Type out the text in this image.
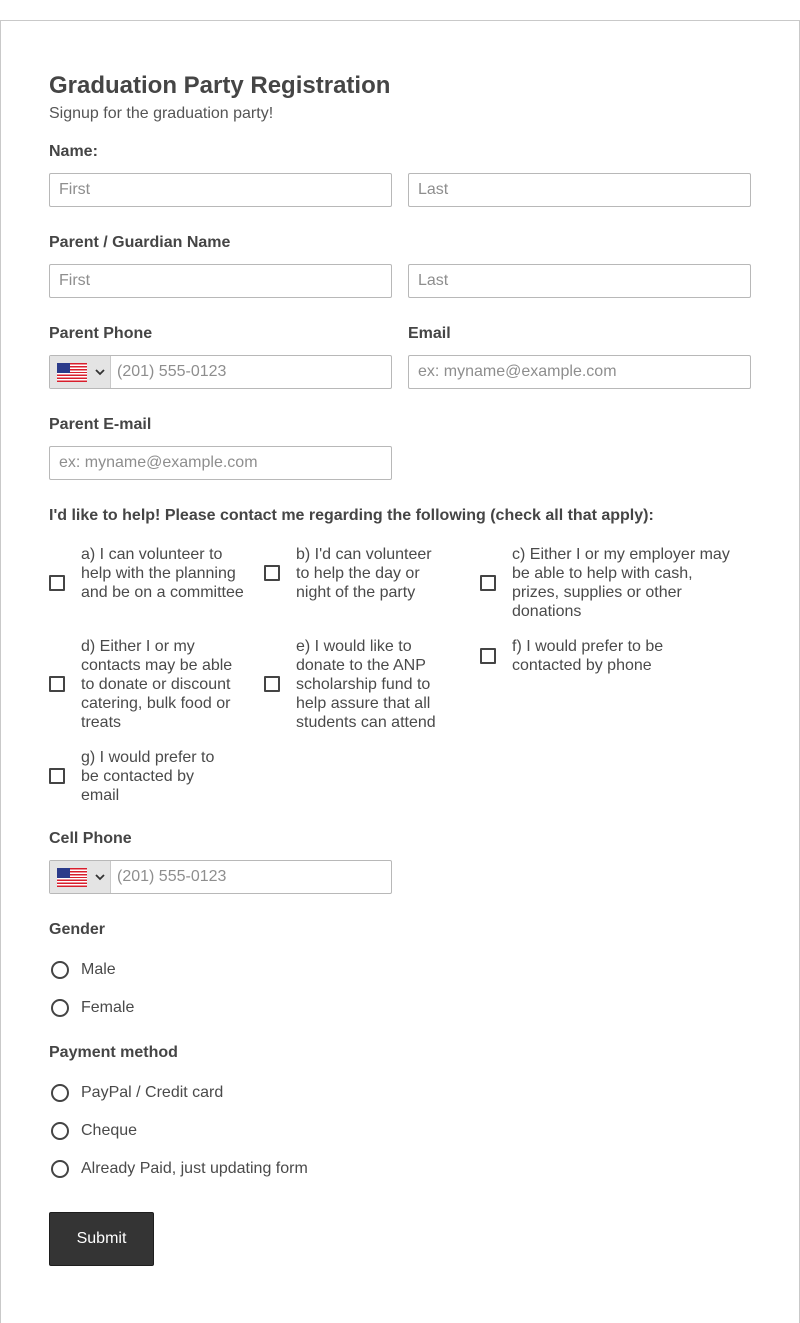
Graduation Party Registration
Signup for the graduation party!
Name:
First
Last
Parent / Guardian Name
First
Last
Parent Phone	Email
(201) 555-0123
ex: myname@example.com
Parent E-mail
ex: myname@example.com
I'd like to help! Please contact me regarding the following (check all that apply):
a) I can volunteer to help with the planning and be on a committee
b) I'd can volunteer to help the day or night of the party
c) Either I or my employer may be able to help with cash, prizes, supplies or other donations
d) Either I or my contacts may be able to donate or discount catering, bulk food or treats
e) I would like to donate to the ANP scholarship fund to help assure that all students can attend
f) I would prefer to be contacted by phone
g) I would prefer to be contacted by email
Cell Phone
(201) 555-0123
Gender
Male
Female
Payment method
PayPal / Credit card
Cheque
Already Paid, just updating form
Submit
